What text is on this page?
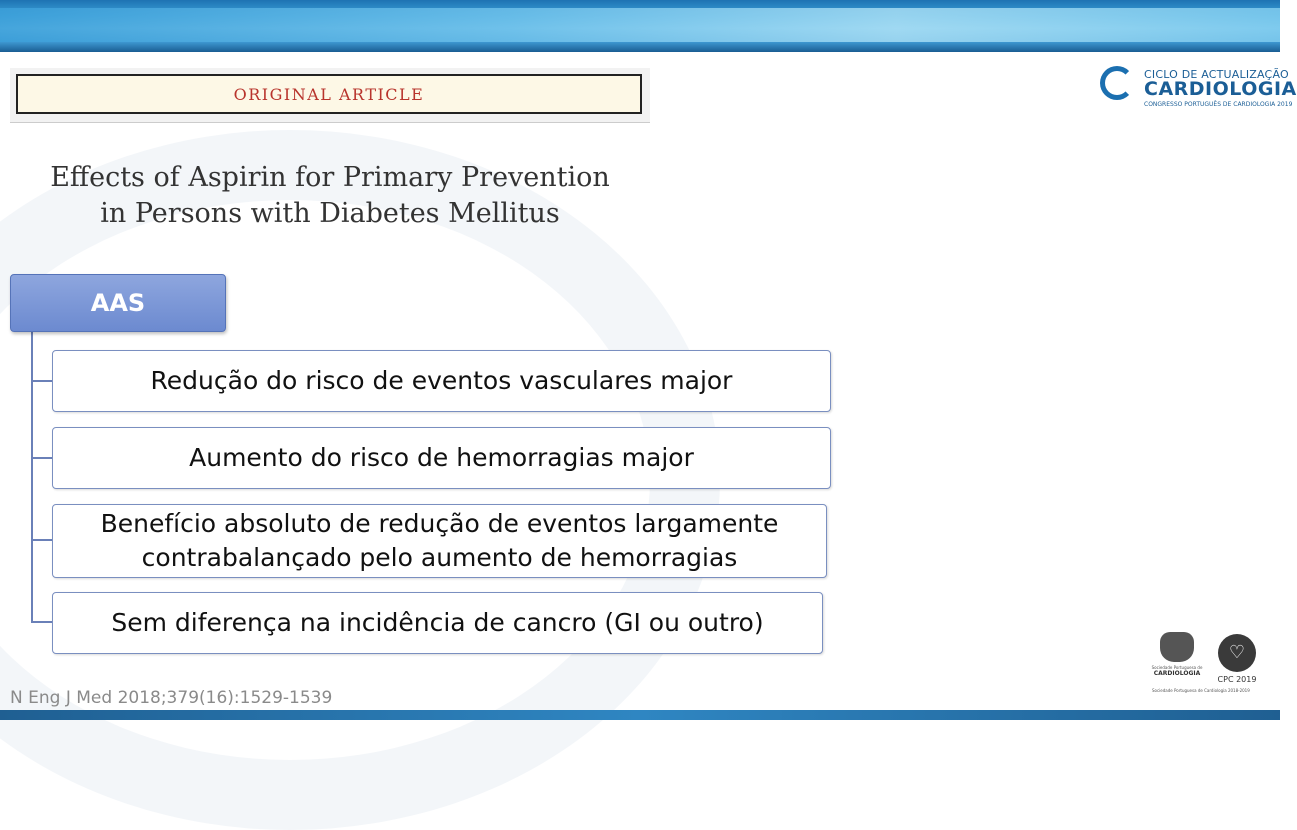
ORIGINAL ARTICLE
Effects of Aspirin for Primary Prevention
in Persons with Diabetes Mellitus
CICLO DE ACTUALIZAÇÃO
CARDIOLOGIA
CONGRESSO PORTUGUÊS DE CARDIOLOGIA 2019
AAS
Redução do risco de eventos vasculares major
Aumento do risco de hemorragias major
Benefício absoluto de redução de eventos largamente contrabalançado pelo aumento de hemorragias
Sem diferença na incidência de cancro (GI ou outro)
N Eng J Med 2018;379(16):1529-1539
Sociedade Portuguesa de
CARDIOLOGIA
♡
CPC 2019
Sociedade Portuguesa de Cardiologia 2018-2019
